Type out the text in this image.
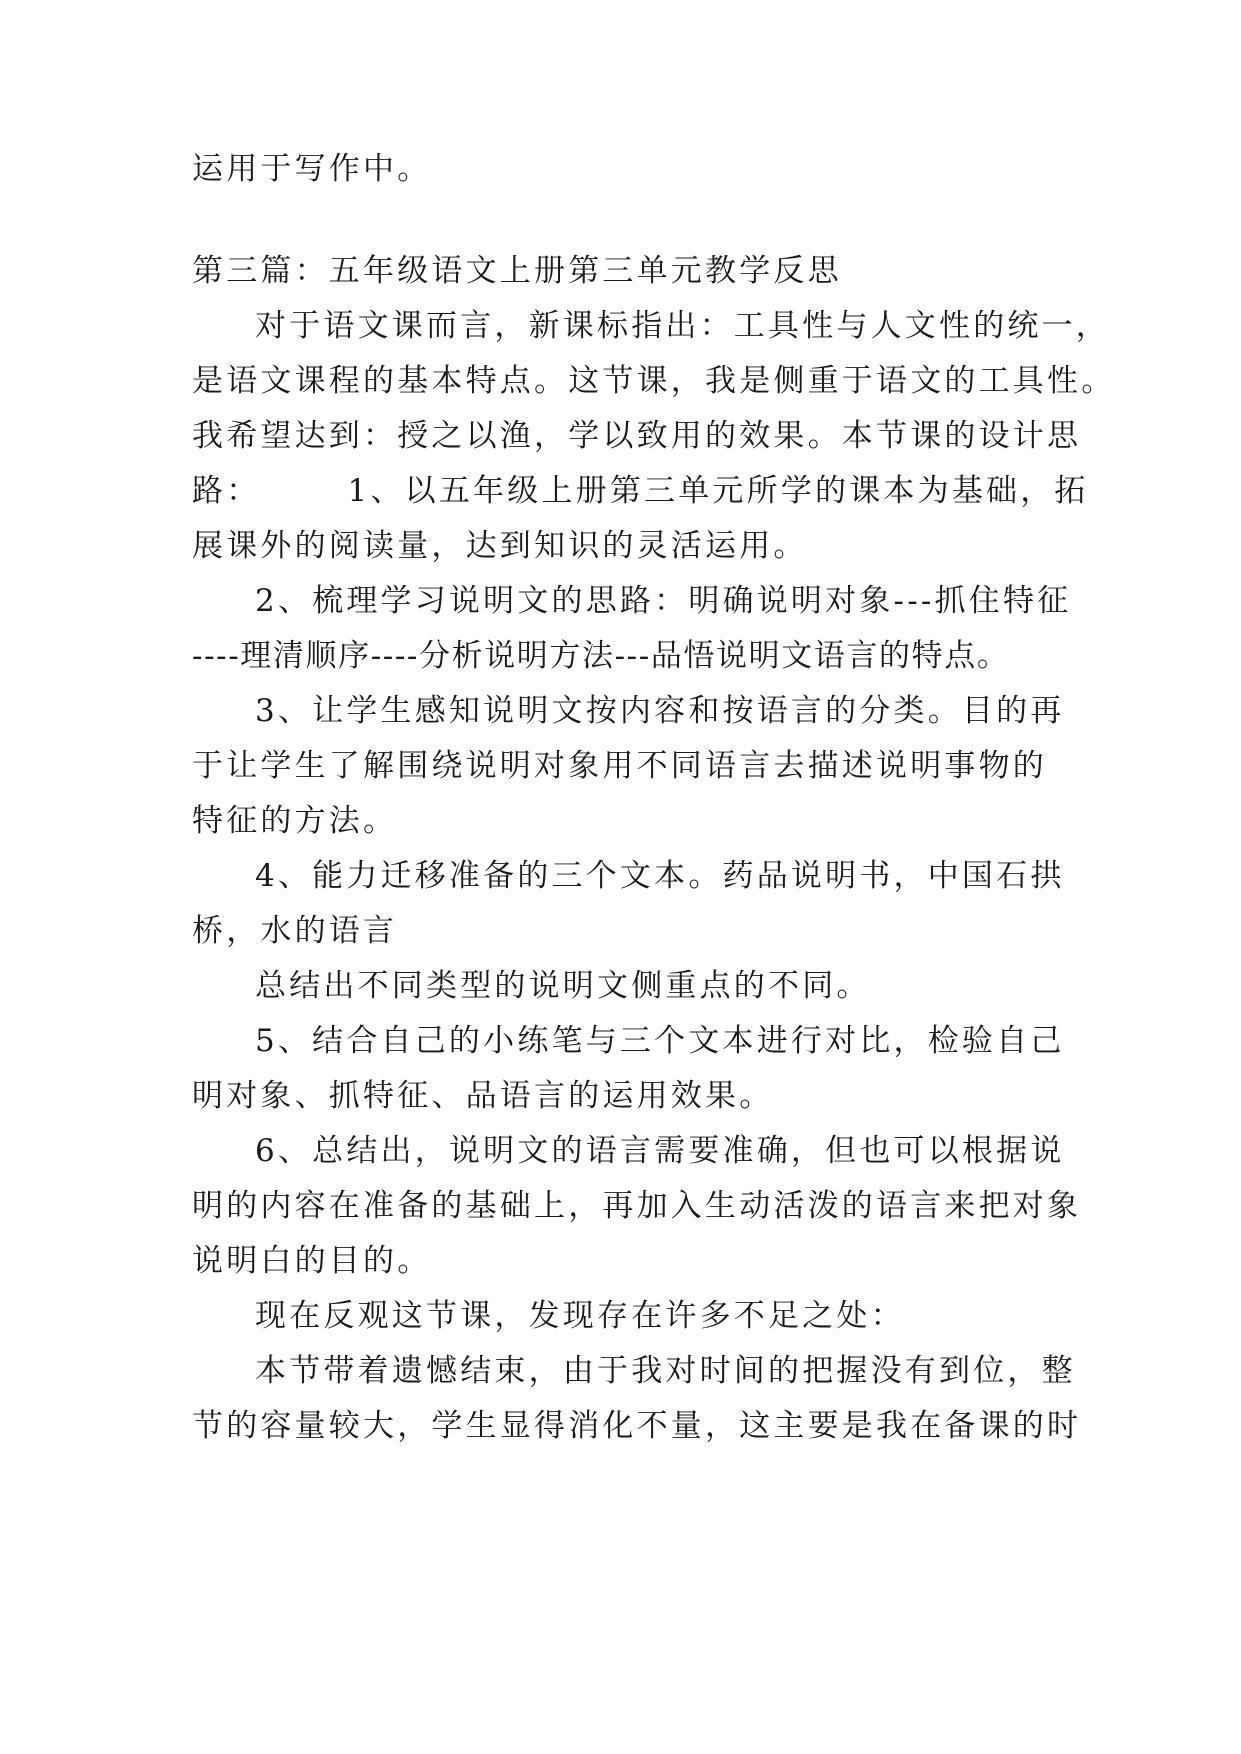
运用于写作中。
第三篇：五年级语文上册第三单元教学反思
对于语文课而言，新课标指出：工具性与人文性的统一，
是语文课程的基本特点。这节课，我是侧重于语文的工具性。
我希望达到：授之以渔，学以致用的效果。本节课的设计思
路：　　　1、以五年级上册第三单元所学的课本为基础，拓
展课外的阅读量，达到知识的灵活运用。
2、梳理学习说明文的思路：明确说明对象---抓住特征
----理清顺序----分析说明方法---品悟说明文语言的特点。
3、让学生感知说明文按内容和按语言的分类。目的再
于让学生了解围绕说明对象用不同语言去描述说明事物的
特征的方法。
4、能力迁移准备的三个文本。药品说明书，中国石拱
桥，水的语言
总结出不同类型的说明文侧重点的不同。
5、结合自己的小练笔与三个文本进行对比，检验自己
明对象、抓特征、品语言的运用效果。
6、总结出，说明文的语言需要准确，但也可以根据说
明的内容在准备的基础上，再加入生动活泼的语言来把对象
说明白的目的。
现在反观这节课，发现存在许多不足之处：
本节带着遗憾结束，由于我对时间的把握没有到位，整
节的容量较大，学生显得消化不量，这主要是我在备课的时
